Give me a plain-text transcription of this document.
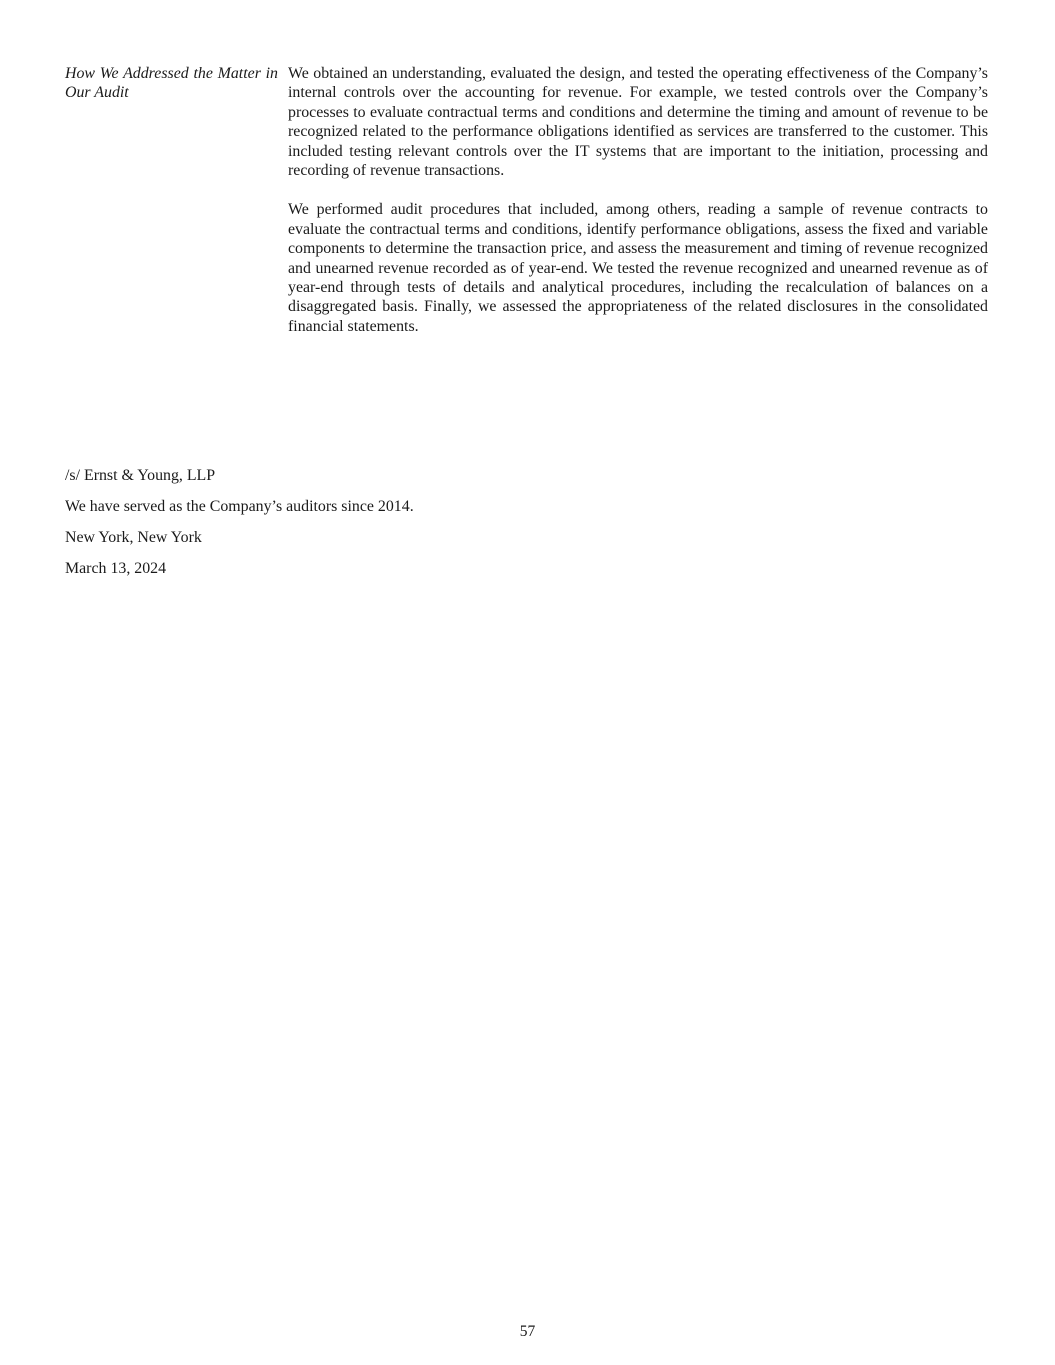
How We Addressed the Matter in Our Audit

We obtained an understanding, evaluated the design, and tested the operating effectiveness of the Company’s internal controls over the accounting for revenue. For example, we tested controls over the Company’s processes to evaluate contractual terms and conditions and determine the timing and amount of revenue to be recognized related to the performance obligations identified as services are transferred to the customer. This included testing relevant controls over the IT systems that are important to the initiation, processing and recording of revenue transactions.

We performed audit procedures that included, among others, reading a sample of revenue contracts to evaluate the contractual terms and conditions, identify performance obligations, assess the fixed and variable components to determine the transaction price, and assess the measurement and timing of revenue recognized and unearned revenue recorded as of year-end. We tested the revenue recognized and unearned revenue as of year-end through tests of details and analytical procedures, including the recalculation of balances on a disaggregated basis. Finally, we assessed the appropriateness of the related disclosures in the consolidated financial statements.

/s/ Ernst & Young, LLP

We have served as the Company’s auditors since 2014.

New York, New York

March 13, 2024

57
